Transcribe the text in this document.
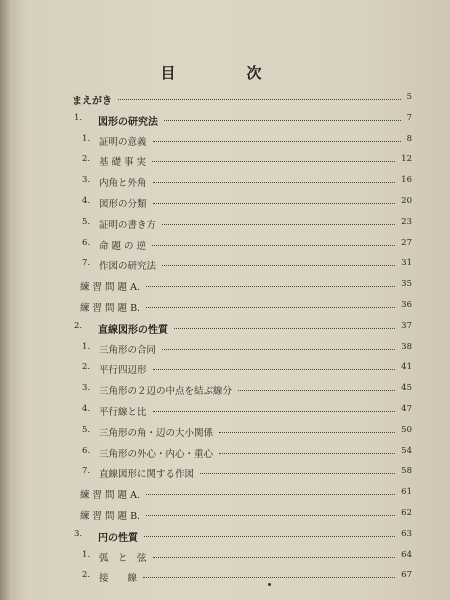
目　次
まえがき	5
1. 図形の研究法	7
1. 証明の意義	8
2. 基 礎 事 実	12
3. 内角と外角	16
4. 図形の分類	20
5. 証明の書き方	23
6. 命 題 の 逆	27
7. 作図の研究法	31
練 習 問 題 A.	35
練 習 問 題 B.	36
2. 直線図形の性質	37
1. 三角形の合同	38
2. 平行四辺形	41
3. 三角形の２辺の中点を結ぶ線分	45
4. 平行線と比	47
5. 三角形の角・辺の大小関係	50
6. 三角形の外心・内心・重心	54
7. 直線図形に関する作図	58
練 習 問 題 A.	61
練 習 問 題 B.	62
3. 円の性質	63
1. 弧　と　弦	64
2. 接　　線	67
